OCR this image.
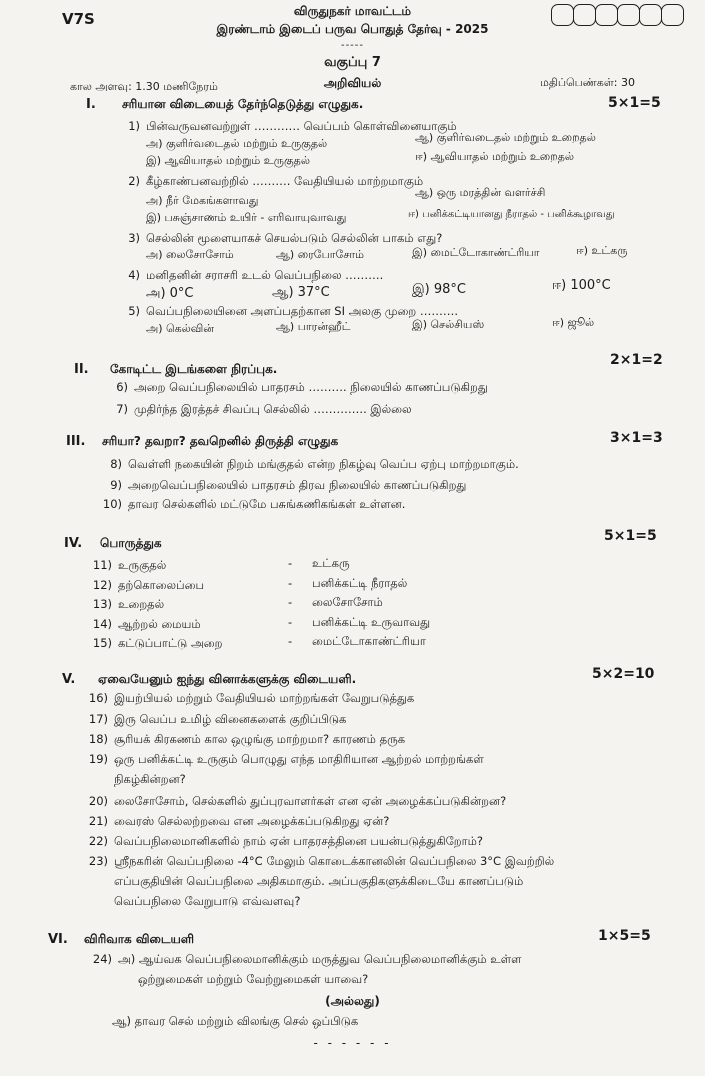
V7S	விருதுநகர் மாவட்டம்
இரண்டாம் இடைப் பருவ பொதுத் தேர்வு - 2025
-----
வகுப்பு 7
கால அளவு: 1.30 மணிநேரம்	அறிவியல்	மதிப்பெண்கள்: 30
I. சரியான விடையைத் தேர்ந்தெடுத்து எழுதுக.	5×1=5
1) பின்வருவனவற்றுள் ………… வெப்பம் கொள்வினையாகும்
அ) குளிர்வடைதல் மற்றும் உருகுதல்	ஆ) குளிர்வடைதல் மற்றும் உறைதல்
இ) ஆவியாதல் மற்றும் உருகுதல்	ஈ) ஆவியாதல் மற்றும் உறைதல்
2) கீழ்காண்பனவற்றில் ………. வேதியியல் மாற்றமாகும்
அ) நீர் மேகங்களாவது
ஆ) ஒரு மரத்தின் வளர்ச்சி
இ) பசுஞ்சாணம் உயிர் - எரிவாயுவாவது	ஈ) பனிக்கட்டியானது நீராதல் - பனிக்கூழாவது
3) செல்லின் மூளையாகச் செயல்படும் செல்லின் பாகம் எது?
அ) லைசோசோம்	ஆ) ரைபோசோம்	இ) மைட்டோகாண்ட்ரியா	ஈ) உட்கரு
4) மனிதனின் சராசரி உடல் வெப்பநிலை ……….
அ) 0°C	ஆ) 37°C	இ) 98°C	ஈ) 100°C
5) வெப்பநிலையினை அளப்பதற்கான SI அலகு முறை ……….
அ) கெல்வின்	ஆ) பாரன்ஹீட்	இ) செல்சியஸ்	ஈ) ஜூல்
II. கோடிட்ட இடங்களை நிரப்புக.
2×1=2
6) அறை வெப்பநிலையில் பாதரசம் ………. நிலையில் காணப்படுகிறது
7) முதிர்ந்த இரத்தச் சிவப்பு செல்லில் ………….. இல்லை
III. சரியா? தவறா? தவறெனில் திருத்தி எழுதுக	3×1=3
8) வெள்ளி நகையின் நிறம் மங்குதல் என்ற நிகழ்வு வெப்ப ஏற்பு மாற்றமாகும்.
9) அறைவெப்பநிலையில் பாதரசம் திரவ நிலையில் காணப்படுகிறது
10) தாவர செல்களில் மட்டுமே பசுங்கணிகங்கள் உள்ளன.
IV. பொருத்துக	5×1=5
11) உருகுதல்	- உட்கரு
12) தற்கொலைப்பை	- பனிக்கட்டி நீராதல்
13) உறைதல்	- லைசோசோம்
14) ஆற்றல் மையம்	- பனிக்கட்டி உருவாவது
15) கட்டுப்பாட்டு அறை	- மைட்டோகாண்ட்ரியா
V. ஏவையேனும் ஐந்து வினாக்களுக்கு விடையளி.	5×2=10
16) இயற்பியல் மற்றும் வேதியியல் மாற்றங்கள் வேறுபடுத்துக
17) இரு வெப்ப உமிழ் வினைகளைக் குறிப்பிடுக
18) சூரியக் கிரகணம் கால ஒழுங்கு மாற்றமா? காரணம் தருக
19) ஒரு பனிக்கட்டி உருகும் பொழுது எந்த மாதிரியான ஆற்றல் மாற்றங்கள்
நிகழ்கின்றன?
20) லைசோசோம், செல்களில் துப்புரவாளர்கள் என ஏன் அழைக்கப்படுகின்றன?
21) வைரஸ் செல்லற்றவை என அழைக்கப்படுகிறது ஏன்?
22) வெப்பநிலைமானிகளில் நாம் ஏன் பாதரசத்தினை பயன்படுத்துகிறோம்?
23) ஸ்ரீநகரின் வெப்பநிலை -4°C மேலும் கொடைக்கானலின் வெப்பநிலை 3°C இவற்றில்
எப்பகுதியின் வெப்பநிலை அதிகமாகும். அப்பகுதிகளுக்கிடையே காணப்படும்
வெப்பநிலை வேறுபாடு எவ்வளவு?
VI. விரிவாக விடையளி	1×5=5
24) அ) ஆய்வக வெப்பநிலைமானிக்கும் மருத்துவ வெப்பநிலைமானிக்கும் உள்ள
ஒற்றுமைகள் மற்றும் வேற்றுமைகள் யாவை?
(அல்லது)
ஆ) தாவர செல் மற்றும் விலங்கு செல் ஒப்பிடுக
- - - - - -
